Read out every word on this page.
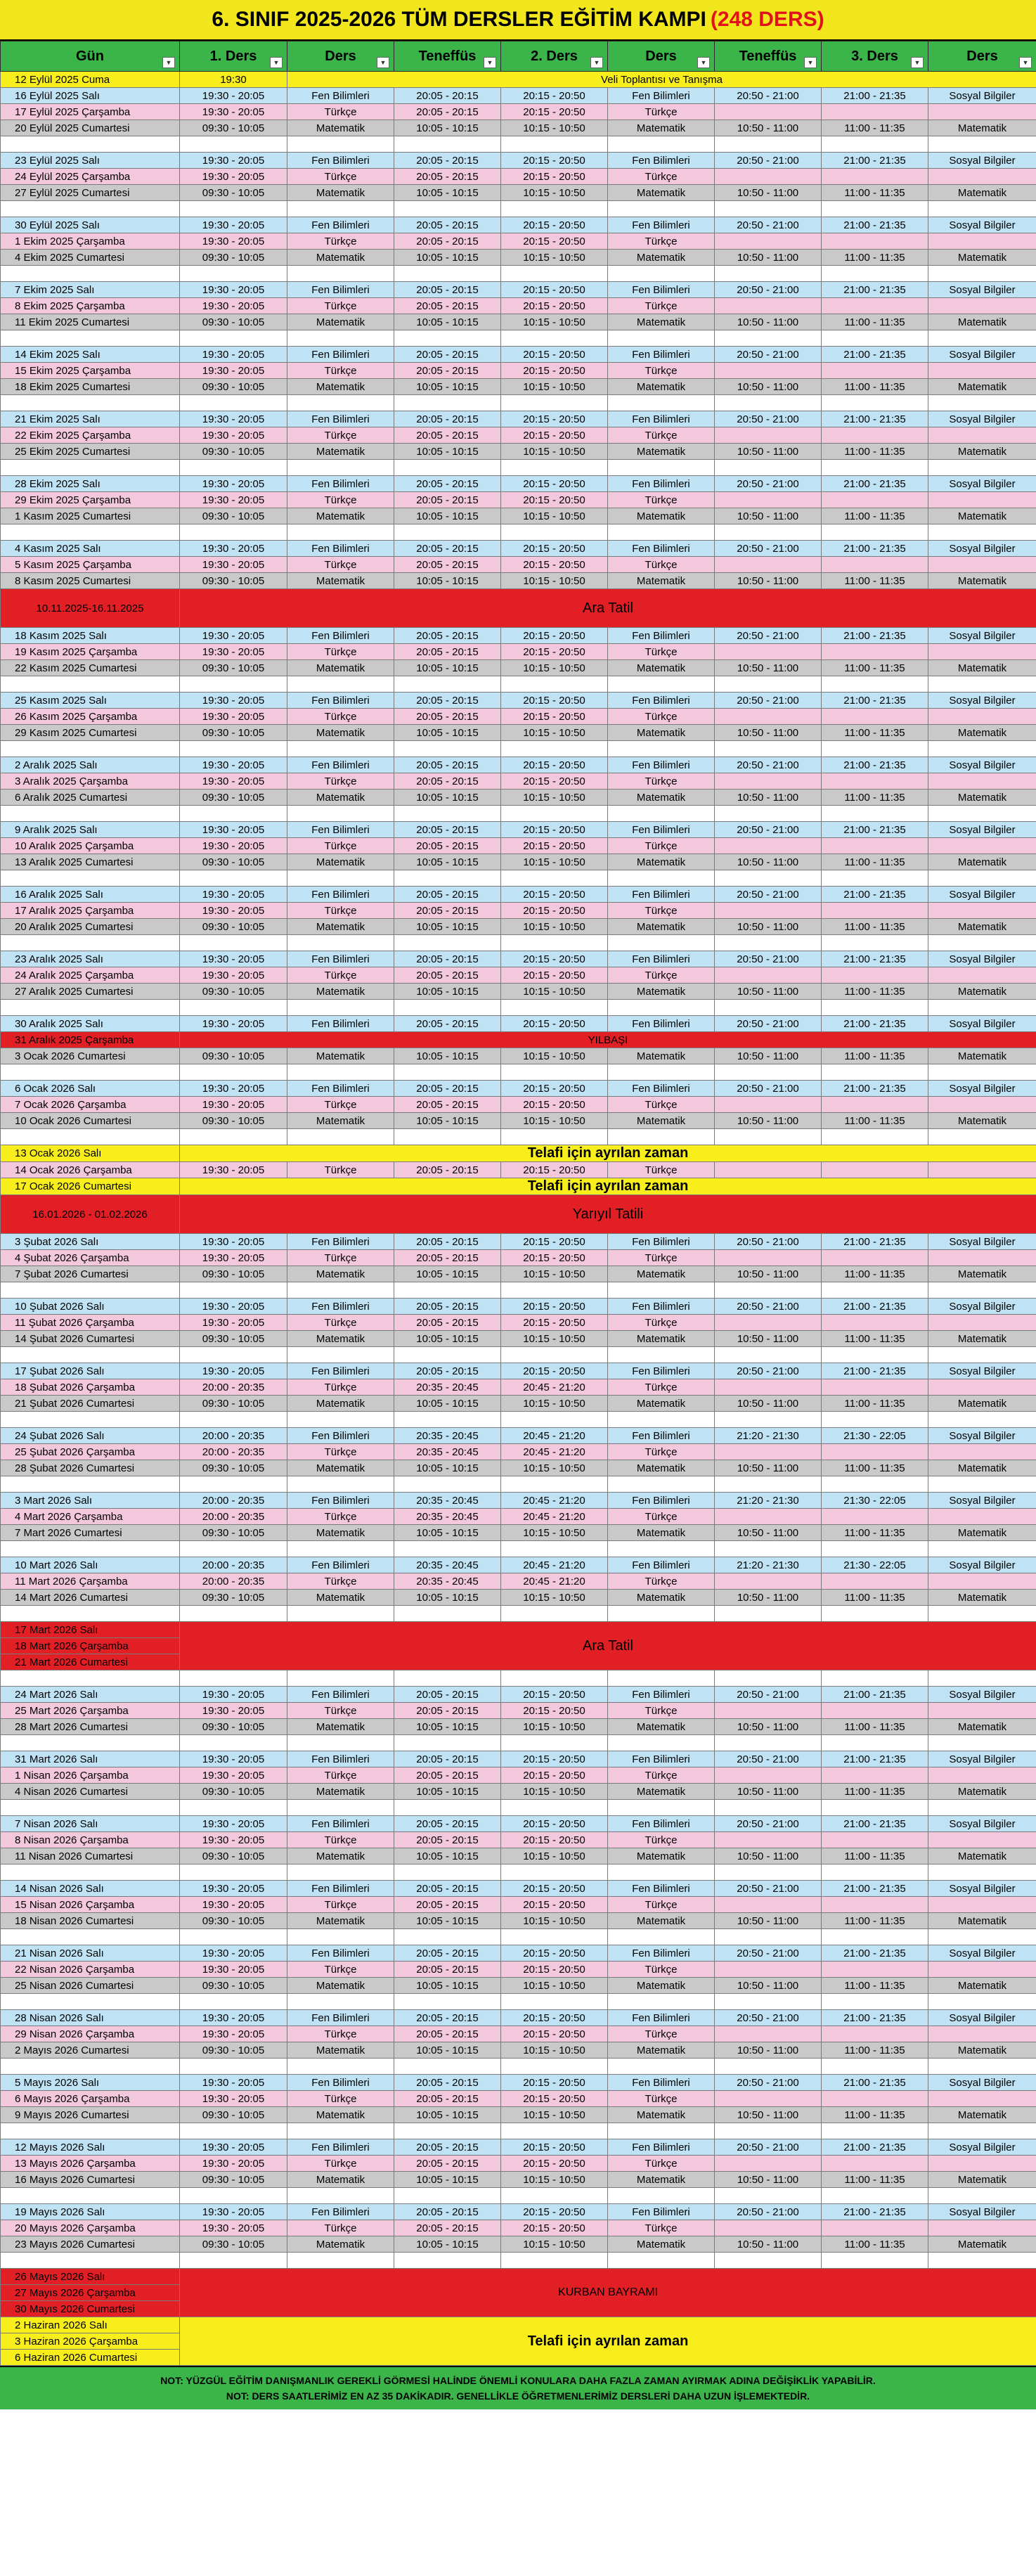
6. SINIF 2025-2026 TÜM DERSLER EĞİTİM KAMPI (248 DERS)
Gün ▼	1. Ders ▼	Ders ▼	Teneffüs ▼	2. Ders ▼	Ders ▼	Teneffüs ▼	3. Ders ▼	Ders ▼

12 Eylül 2025 Cuma	19:30	Veli Toplantısı ve Tanışma						
16 Eylül 2025 Salı	19:30 - 20:05	Fen Bilimleri	20:05 - 20:15	20:15 - 20:50	Fen Bilimleri	20:50 - 21:00	21:00 - 21:35	Sosyal Bilgiler
17 Eylül 2025 Çarşamba	19:30 - 20:05	Türkçe	20:05 - 20:15	20:15 - 20:50	Türkçe			
20 Eylül 2025 Cumartesi	09:30 - 10:05	Matematik	10:05 - 10:15	10:15 - 10:50	Matematik	10:50 - 11:00	11:00 - 11:35	Matematik

23 Eylül 2025 Salı	19:30 - 20:05	Fen Bilimleri	20:05 - 20:15	20:15 - 20:50	Fen Bilimleri	20:50 - 21:00	21:00 - 21:35	Sosyal Bilgiler
24 Eylül 2025 Çarşamba	19:30 - 20:05	Türkçe	20:05 - 20:15	20:15 - 20:50	Türkçe			
27 Eylül 2025 Cumartesi	09:30 - 10:05	Matematik	10:05 - 10:15	10:15 - 10:50	Matematik	10:50 - 11:00	11:00 - 11:35	Matematik

30 Eylül 2025 Salı	19:30 - 20:05	Fen Bilimleri	20:05 - 20:15	20:15 - 20:50	Fen Bilimleri	20:50 - 21:00	21:00 - 21:35	Sosyal Bilgiler
1 Ekim 2025 Çarşamba	19:30 - 20:05	Türkçe	20:05 - 20:15	20:15 - 20:50	Türkçe			
4 Ekim 2025 Cumartesi	09:30 - 10:05	Matematik	10:05 - 10:15	10:15 - 10:50	Matematik	10:50 - 11:00	11:00 - 11:35	Matematik

7 Ekim 2025 Salı	19:30 - 20:05	Fen Bilimleri	20:05 - 20:15	20:15 - 20:50	Fen Bilimleri	20:50 - 21:00	21:00 - 21:35	Sosyal Bilgiler
8 Ekim 2025 Çarşamba	19:30 - 20:05	Türkçe	20:05 - 20:15	20:15 - 20:50	Türkçe			
11 Ekim 2025 Cumartesi	09:30 - 10:05	Matematik	10:05 - 10:15	10:15 - 10:50	Matematik	10:50 - 11:00	11:00 - 11:35	Matematik

14 Ekim 2025 Salı	19:30 - 20:05	Fen Bilimleri	20:05 - 20:15	20:15 - 20:50	Fen Bilimleri	20:50 - 21:00	21:00 - 21:35	Sosyal Bilgiler
15 Ekim 2025 Çarşamba	19:30 - 20:05	Türkçe	20:05 - 20:15	20:15 - 20:50	Türkçe			
18 Ekim 2025 Cumartesi	09:30 - 10:05	Matematik	10:05 - 10:15	10:15 - 10:50	Matematik	10:50 - 11:00	11:00 - 11:35	Matematik

21 Ekim 2025 Salı	19:30 - 20:05	Fen Bilimleri	20:05 - 20:15	20:15 - 20:50	Fen Bilimleri	20:50 - 21:00	21:00 - 21:35	Sosyal Bilgiler
22 Ekim 2025 Çarşamba	19:30 - 20:05	Türkçe	20:05 - 20:15	20:15 - 20:50	Türkçe			
25 Ekim 2025 Cumartesi	09:30 - 10:05	Matematik	10:05 - 10:15	10:15 - 10:50	Matematik	10:50 - 11:00	11:00 - 11:35	Matematik

28 Ekim 2025 Salı	19:30 - 20:05	Fen Bilimleri	20:05 - 20:15	20:15 - 20:50	Fen Bilimleri	20:50 - 21:00	21:00 - 21:35	Sosyal Bilgiler
29 Ekim 2025 Çarşamba	19:30 - 20:05	Türkçe	20:05 - 20:15	20:15 - 20:50	Türkçe			
1 Kasım 2025 Cumartesi	09:30 - 10:05	Matematik	10:05 - 10:15	10:15 - 10:50	Matematik	10:50 - 11:00	11:00 - 11:35	Matematik

4 Kasım 2025 Salı	19:30 - 20:05	Fen Bilimleri	20:05 - 20:15	20:15 - 20:50	Fen Bilimleri	20:50 - 21:00	21:00 - 21:35	Sosyal Bilgiler
5 Kasım 2025 Çarşamba	19:30 - 20:05	Türkçe	20:05 - 20:15	20:15 - 20:50	Türkçe			
8 Kasım 2025 Cumartesi	09:30 - 10:05	Matematik	10:05 - 10:15	10:15 - 10:50	Matematik	10:50 - 11:00	11:00 - 11:35	Matematik
10.11.2025-16.11.2025	Ara Tatil							
18 Kasım 2025 Salı	19:30 - 20:05	Fen Bilimleri	20:05 - 20:15	20:15 - 20:50	Fen Bilimleri	20:50 - 21:00	21:00 - 21:35	Sosyal Bilgiler
19 Kasım 2025 Çarşamba	19:30 - 20:05	Türkçe	20:05 - 20:15	20:15 - 20:50	Türkçe			
22 Kasım 2025 Cumartesi	09:30 - 10:05	Matematik	10:05 - 10:15	10:15 - 10:50	Matematik	10:50 - 11:00	11:00 - 11:35	Matematik

25 Kasım 2025 Salı	19:30 - 20:05	Fen Bilimleri	20:05 - 20:15	20:15 - 20:50	Fen Bilimleri	20:50 - 21:00	21:00 - 21:35	Sosyal Bilgiler
26 Kasım 2025 Çarşamba	19:30 - 20:05	Türkçe	20:05 - 20:15	20:15 - 20:50	Türkçe			
29 Kasım 2025 Cumartesi	09:30 - 10:05	Matematik	10:05 - 10:15	10:15 - 10:50	Matematik	10:50 - 11:00	11:00 - 11:35	Matematik

2 Aralık 2025 Salı	19:30 - 20:05	Fen Bilimleri	20:05 - 20:15	20:15 - 20:50	Fen Bilimleri	20:50 - 21:00	21:00 - 21:35	Sosyal Bilgiler
3 Aralık 2025 Çarşamba	19:30 - 20:05	Türkçe	20:05 - 20:15	20:15 - 20:50	Türkçe			
6 Aralık 2025 Cumartesi	09:30 - 10:05	Matematik	10:05 - 10:15	10:15 - 10:50	Matematik	10:50 - 11:00	11:00 - 11:35	Matematik

9 Aralık 2025 Salı	19:30 - 20:05	Fen Bilimleri	20:05 - 20:15	20:15 - 20:50	Fen Bilimleri	20:50 - 21:00	21:00 - 21:35	Sosyal Bilgiler
10 Aralık 2025 Çarşamba	19:30 - 20:05	Türkçe	20:05 - 20:15	20:15 - 20:50	Türkçe			
13 Aralık 2025 Cumartesi	09:30 - 10:05	Matematik	10:05 - 10:15	10:15 - 10:50	Matematik	10:50 - 11:00	11:00 - 11:35	Matematik

16 Aralık 2025 Salı	19:30 - 20:05	Fen Bilimleri	20:05 - 20:15	20:15 - 20:50	Fen Bilimleri	20:50 - 21:00	21:00 - 21:35	Sosyal Bilgiler
17 Aralık 2025 Çarşamba	19:30 - 20:05	Türkçe	20:05 - 20:15	20:15 - 20:50	Türkçe			
20 Aralık 2025 Cumartesi	09:30 - 10:05	Matematik	10:05 - 10:15	10:15 - 10:50	Matematik	10:50 - 11:00	11:00 - 11:35	Matematik

23 Aralık 2025 Salı	19:30 - 20:05	Fen Bilimleri	20:05 - 20:15	20:15 - 20:50	Fen Bilimleri	20:50 - 21:00	21:00 - 21:35	Sosyal Bilgiler
24 Aralık 2025 Çarşamba	19:30 - 20:05	Türkçe	20:05 - 20:15	20:15 - 20:50	Türkçe			
27 Aralık 2025 Cumartesi	09:30 - 10:05	Matematik	10:05 - 10:15	10:15 - 10:50	Matematik	10:50 - 11:00	11:00 - 11:35	Matematik

30 Aralık 2025 Salı	19:30 - 20:05	Fen Bilimleri	20:05 - 20:15	20:15 - 20:50	Fen Bilimleri	20:50 - 21:00	21:00 - 21:35	Sosyal Bilgiler
31 Aralık 2025 Çarşamba	YILBAŞI							
3 Ocak 2026 Cumartesi	09:30 - 10:05	Matematik	10:05 - 10:15	10:15 - 10:50	Matematik	10:50 - 11:00	11:00 - 11:35	Matematik

6 Ocak 2026 Salı	19:30 - 20:05	Fen Bilimleri	20:05 - 20:15	20:15 - 20:50	Fen Bilimleri	20:50 - 21:00	21:00 - 21:35	Sosyal Bilgiler
7 Ocak 2026 Çarşamba	19:30 - 20:05	Türkçe	20:05 - 20:15	20:15 - 20:50	Türkçe			
10 Ocak 2026 Cumartesi	09:30 - 10:05	Matematik	10:05 - 10:15	10:15 - 10:50	Matematik	10:50 - 11:00	11:00 - 11:35	Matematik

13 Ocak 2026 Salı	Telafi için ayrılan zaman							
14 Ocak 2026 Çarşamba	19:30 - 20:05	Türkçe	20:05 - 20:15	20:15 - 20:50	Türkçe			
17 Ocak 2026 Cumartesi	Telafi için ayrılan zaman							
16.01.2026 - 01.02.2026	Yarıyıl Tatili							
3 Şubat 2026 Salı	19:30 - 20:05	Fen Bilimleri	20:05 - 20:15	20:15 - 20:50	Fen Bilimleri	20:50 - 21:00	21:00 - 21:35	Sosyal Bilgiler
4 Şubat 2026 Çarşamba	19:30 - 20:05	Türkçe	20:05 - 20:15	20:15 - 20:50	Türkçe			
7 Şubat 2026 Cumartesi	09:30 - 10:05	Matematik	10:05 - 10:15	10:15 - 10:50	Matematik	10:50 - 11:00	11:00 - 11:35	Matematik

10 Şubat 2026 Salı	19:30 - 20:05	Fen Bilimleri	20:05 - 20:15	20:15 - 20:50	Fen Bilimleri	20:50 - 21:00	21:00 - 21:35	Sosyal Bilgiler
11 Şubat 2026 Çarşamba	19:30 - 20:05	Türkçe	20:05 - 20:15	20:15 - 20:50	Türkçe			
14 Şubat 2026 Cumartesi	09:30 - 10:05	Matematik	10:05 - 10:15	10:15 - 10:50	Matematik	10:50 - 11:00	11:00 - 11:35	Matematik

17 Şubat 2026 Salı	19:30 - 20:05	Fen Bilimleri	20:05 - 20:15	20:15 - 20:50	Fen Bilimleri	20:50 - 21:00	21:00 - 21:35	Sosyal Bilgiler
18 Şubat 2026 Çarşamba	20:00 - 20:35	Türkçe	20:35 - 20:45	20:45 - 21:20	Türkçe			
21 Şubat 2026 Cumartesi	09:30 - 10:05	Matematik	10:05 - 10:15	10:15 - 10:50	Matematik	10:50 - 11:00	11:00 - 11:35	Matematik

24 Şubat 2026 Salı	20:00 - 20:35	Fen Bilimleri	20:35 - 20:45	20:45 - 21:20	Fen Bilimleri	21:20 - 21:30	21:30 - 22:05	Sosyal Bilgiler
25 Şubat 2026 Çarşamba	20:00 - 20:35	Türkçe	20:35 - 20:45	20:45 - 21:20	Türkçe			
28 Şubat 2026 Cumartesi	09:30 - 10:05	Matematik	10:05 - 10:15	10:15 - 10:50	Matematik	10:50 - 11:00	11:00 - 11:35	Matematik

3 Mart 2026 Salı	20:00 - 20:35	Fen Bilimleri	20:35 - 20:45	20:45 - 21:20	Fen Bilimleri	21:20 - 21:30	21:30 - 22:05	Sosyal Bilgiler
4 Mart 2026 Çarşamba	20:00 - 20:35	Türkçe	20:35 - 20:45	20:45 - 21:20	Türkçe			
7 Mart 2026 Cumartesi	09:30 - 10:05	Matematik	10:05 - 10:15	10:15 - 10:50	Matematik	10:50 - 11:00	11:00 - 11:35	Matematik

10 Mart 2026 Salı	20:00 - 20:35	Fen Bilimleri	20:35 - 20:45	20:45 - 21:20	Fen Bilimleri	21:20 - 21:30	21:30 - 22:05	Sosyal Bilgiler
11 Mart 2026 Çarşamba	20:00 - 20:35	Türkçe	20:35 - 20:45	20:45 - 21:20	Türkçe			
14 Mart 2026 Cumartesi	09:30 - 10:05	Matematik	10:05 - 10:15	10:15 - 10:50	Matematik	10:50 - 11:00	11:00 - 11:35	Matematik

17 Mart 2026 Salı	Ara Tatil							
18 Mart 2026 Çarşamba								
21 Mart 2026 Cumartesi								

24 Mart 2026 Salı	19:30 - 20:05	Fen Bilimleri	20:05 - 20:15	20:15 - 20:50	Fen Bilimleri	20:50 - 21:00	21:00 - 21:35	Sosyal Bilgiler
25 Mart 2026 Çarşamba	19:30 - 20:05	Türkçe	20:05 - 20:15	20:15 - 20:50	Türkçe			
28 Mart 2026 Cumartesi	09:30 - 10:05	Matematik	10:05 - 10:15	10:15 - 10:50	Matematik	10:50 - 11:00	11:00 - 11:35	Matematik

31 Mart 2026 Salı	19:30 - 20:05	Fen Bilimleri	20:05 - 20:15	20:15 - 20:50	Fen Bilimleri	20:50 - 21:00	21:00 - 21:35	Sosyal Bilgiler
1 Nisan 2026 Çarşamba	19:30 - 20:05	Türkçe	20:05 - 20:15	20:15 - 20:50	Türkçe			
4 Nisan 2026 Cumartesi	09:30 - 10:05	Matematik	10:05 - 10:15	10:15 - 10:50	Matematik	10:50 - 11:00	11:00 - 11:35	Matematik

7 Nisan 2026 Salı	19:30 - 20:05	Fen Bilimleri	20:05 - 20:15	20:15 - 20:50	Fen Bilimleri	20:50 - 21:00	21:00 - 21:35	Sosyal Bilgiler
8 Nisan 2026 Çarşamba	19:30 - 20:05	Türkçe	20:05 - 20:15	20:15 - 20:50	Türkçe			
11 Nisan 2026 Cumartesi	09:30 - 10:05	Matematik	10:05 - 10:15	10:15 - 10:50	Matematik	10:50 - 11:00	11:00 - 11:35	Matematik

14 Nisan 2026 Salı	19:30 - 20:05	Fen Bilimleri	20:05 - 20:15	20:15 - 20:50	Fen Bilimleri	20:50 - 21:00	21:00 - 21:35	Sosyal Bilgiler
15 Nisan 2026 Çarşamba	19:30 - 20:05	Türkçe	20:05 - 20:15	20:15 - 20:50	Türkçe			
18 Nisan 2026 Cumartesi	09:30 - 10:05	Matematik	10:05 - 10:15	10:15 - 10:50	Matematik	10:50 - 11:00	11:00 - 11:35	Matematik

21 Nisan 2026 Salı	19:30 - 20:05	Fen Bilimleri	20:05 - 20:15	20:15 - 20:50	Fen Bilimleri	20:50 - 21:00	21:00 - 21:35	Sosyal Bilgiler
22 Nisan 2026 Çarşamba	19:30 - 20:05	Türkçe	20:05 - 20:15	20:15 - 20:50	Türkçe			
25 Nisan 2026 Cumartesi	09:30 - 10:05	Matematik	10:05 - 10:15	10:15 - 10:50	Matematik	10:50 - 11:00	11:00 - 11:35	Matematik

28 Nisan 2026 Salı	19:30 - 20:05	Fen Bilimleri	20:05 - 20:15	20:15 - 20:50	Fen Bilimleri	20:50 - 21:00	21:00 - 21:35	Sosyal Bilgiler
29 Nisan 2026 Çarşamba	19:30 - 20:05	Türkçe	20:05 - 20:15	20:15 - 20:50	Türkçe			
2 Mayıs 2026 Cumartesi	09:30 - 10:05	Matematik	10:05 - 10:15	10:15 - 10:50	Matematik	10:50 - 11:00	11:00 - 11:35	Matematik

5 Mayıs 2026 Salı	19:30 - 20:05	Fen Bilimleri	20:05 - 20:15	20:15 - 20:50	Fen Bilimleri	20:50 - 21:00	21:00 - 21:35	Sosyal Bilgiler
6 Mayıs 2026 Çarşamba	19:30 - 20:05	Türkçe	20:05 - 20:15	20:15 - 20:50	Türkçe			
9 Mayıs 2026 Cumartesi	09:30 - 10:05	Matematik	10:05 - 10:15	10:15 - 10:50	Matematik	10:50 - 11:00	11:00 - 11:35	Matematik

12 Mayıs 2026 Salı	19:30 - 20:05	Fen Bilimleri	20:05 - 20:15	20:15 - 20:50	Fen Bilimleri	20:50 - 21:00	21:00 - 21:35	Sosyal Bilgiler
13 Mayıs 2026 Çarşamba	19:30 - 20:05	Türkçe	20:05 - 20:15	20:15 - 20:50	Türkçe			
16 Mayıs 2026 Cumartesi	09:30 - 10:05	Matematik	10:05 - 10:15	10:15 - 10:50	Matematik	10:50 - 11:00	11:00 - 11:35	Matematik

19 Mayıs 2026 Salı	19:30 - 20:05	Fen Bilimleri	20:05 - 20:15	20:15 - 20:50	Fen Bilimleri	20:50 - 21:00	21:00 - 21:35	Sosyal Bilgiler
20 Mayıs 2026 Çarşamba	19:30 - 20:05	Türkçe	20:05 - 20:15	20:15 - 20:50	Türkçe			
23 Mayıs 2026 Cumartesi	09:30 - 10:05	Matematik	10:05 - 10:15	10:15 - 10:50	Matematik	10:50 - 11:00	11:00 - 11:35	Matematik

26 Mayıs 2026 Salı	KURBAN BAYRAMI							
27 Mayıs 2026 Çarşamba								
30 Mayıs 2026 Cumartesi								
2 Haziran 2026 Salı	Telafi için ayrılan zaman							
3 Haziran 2026 Çarşamba								
6 Haziran 2026 Cumartesi								
NOT: YÜZGÜL EĞİTİM DANIŞMANLIK GEREKLİ GÖRMESİ HALİNDE ÖNEMLİ KONULARA DAHA FAZLA ZAMAN AYIRMAK ADINA DEĞİŞİKLİK YAPABİLİR.
NOT: DERS SAATLERİMİZ EN AZ 35 DAKİKADIR. GENELLİKLE ÖĞRETMENLERİMİZ DERSLERİ DAHA UZUN İŞLEMEKTEDİR.
